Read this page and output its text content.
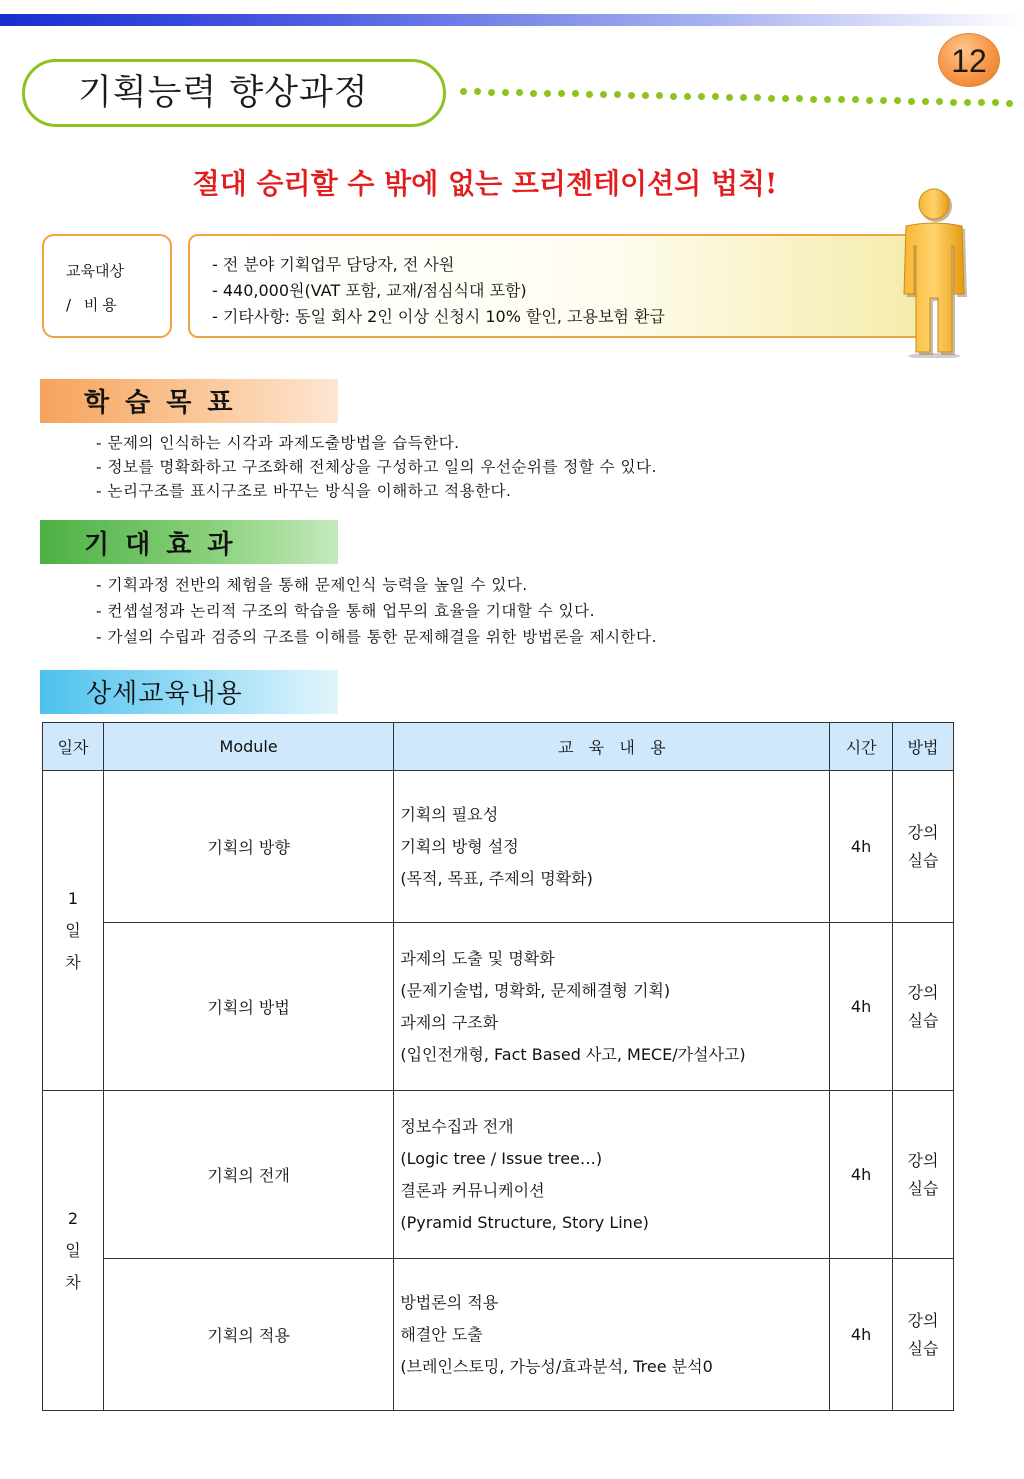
기획능력 향상과정
12
절대 승리할 수 밖에 없는 프리젠테이션의 법칙!
교육대상
/ 비용
- 전 분야 기획업무 담당자, 전 사원
- 440,000원(VAT 포함, 교재/점심식대 포함)
- 기타사항: 동일 회사 2인 이상 신청시 10% 할인, 고용보험 환급
학습목표
- 문제의 인식하는 시각과 과제도출방법을 습득한다.
- 정보를 명확화하고 구조화해 전체상을 구성하고 일의 우선순위를 정할 수 있다.
- 논리구조를 표시구조로 바꾸는 방식을 이해하고 적용한다.
기대효과
- 기획과정 전반의 체험을 통해 문제인식 능력을 높일 수 있다.
- 컨셉설정과 논리적 구조의 학습을 통해 업무의 효율을 기대할 수 있다.
- 가설의 수립과 검증의 구조를 이해를 통한 문제해결을 위한 방법론을 제시한다.
상세교육내용
일자	Module	교   육   내   용	시간	방법

1
일
차	기획의 방향	기획의 필요성
기획의 방형 설정
(목적, 목표, 주제의 명확화)	4h	강의
실습

	기획의 방법	과제의 도출 및 명확화
(문제기술법, 명확화, 문제해결형 기획)
과제의 구조화
(입인전개형, Fact Based 사고, MECE/가설사고)	4h	강의
실습

2
일
차	기획의 전개	정보수집과 전개
(Logic tree / Issue tree…)
결론과 커뮤니케이션
(Pyramid Structure, Story Line)	4h	강의
실습

	기획의 적용	방법론의 적용
해결안 도출
(브레인스토밍, 가능성/효과분석, Tree 분석0	4h	강의
실습
